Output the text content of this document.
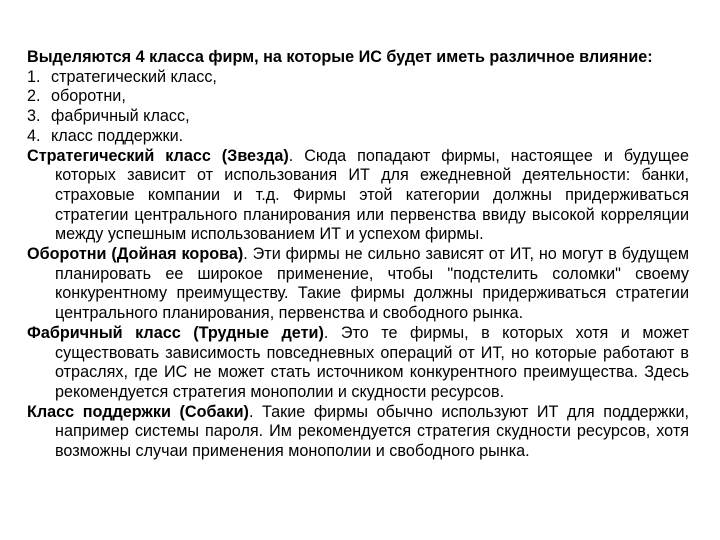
Выделяются 4 класса фирм, на которые ИС будет иметь различное влияние:

1. стратегический класс,

2. оборотни,

3. фабричный класс,

4. класс поддержки.

Стратегический класс (Звезда). Сюда попадают фирмы, настоящее и будущее которых зависит от использования ИТ для ежедневной деятельности: банки, страховые компании и т.д. Фирмы этой категории должны придерживаться стратегии центрального планирования или первенства ввиду высокой корреляции между успешным использованием ИТ и успехом фирмы.

Оборотни (Дойная корова). Эти фирмы не сильно зависят от ИТ, но могут в будущем планировать ее широкое применение, чтобы "подстелить соломки" своему конкурентному преимуществу. Такие фирмы должны придерживаться стратегии центрального планирования, первенства и свободного рынка.

Фабричный класс (Трудные дети). Это те фирмы, в которых хотя и может существовать зависимость повседневных операций от ИТ, но которые работают в отраслях, где ИС не может стать источником конкурентного преимущества. Здесь рекомендуется стратегия монополии и скудности ресурсов.

Класс поддержки (Собаки). Такие фирмы обычно используют ИТ для поддержки, например системы пароля. Им рекомендуется стратегия скудности ресурсов, хотя возможны случаи применения монополии и свободного рынка.
